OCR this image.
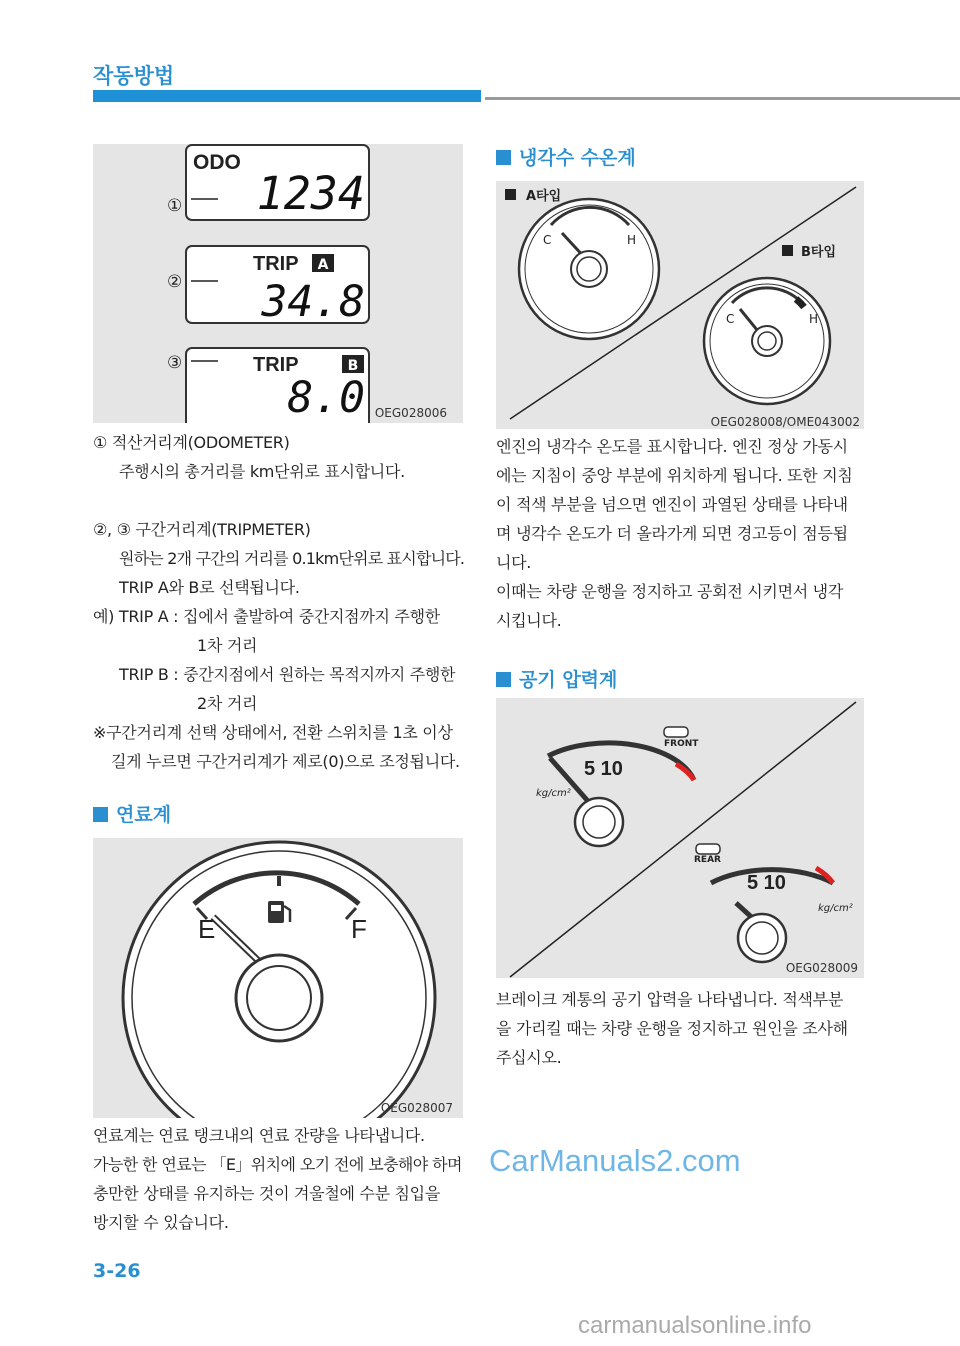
작동방법
①
②
③
ODO
1234
TRIP A
34.8
TRIP	B
8.0 OEG028006
① 적산거리계(ODOMETER)
주행시의 총거리를 km단위로 표시합니다.
②, ③ 구간거리계(TRIPMETER)
원하는 2개 구간의 거리를 0.1km단위로 표시합니다.
TRIP A와 B로 선택됩니다.
예) TRIP A : 집에서 출발하여 중간지점까지 주행한
1차 거리
TRIP B : 중간지점에서 원하는 목적지까지 주행한
2차 거리
※구간거리계 선택 상태에서, 전환 스위치를 1초 이상
길게 누르면 구간거리계가 제로(0)으로 조정됩니다.
연료계
E	F
OEG028007
연료계는 연료 탱크내의 연료 잔량을 나타냅니다.
가능한 한 연료는 「E」위치에 오기 전에 보충해야 하며
충만한 상태를 유지하는 것이 겨울철에 수분 침입을
방지할 수 있습니다.
냉각수 수온계
A타입
B타입
C	H
C	H
OEG028008/OME043002
엔진의 냉각수 온도를 표시합니다. 엔진 정상 가동시
에는 지침이 중앙 부분에 위치하게 됩니다. 또한 지침
이 적색 부분을 넘으면 엔진이 과열된 상태를 나타내
며 냉각수 온도가 더 올라가게 되면 경고등이 점등됩
니다.
이때는 차량 운행을 정지하고 공회전 시키면서 냉각
시킵니다.
공기 압력계
FRONT
5 10
kg/cm²
REAR
5 10
kg/cm²
OEG028009
브레이크 계통의 공기 압력을 나타냅니다. 적색부분
을 가리킬 때는 차량 운행을 정지하고 원인을 조사해
주십시오.
CarManuals2.com
3-26
carmanualsonline.info
